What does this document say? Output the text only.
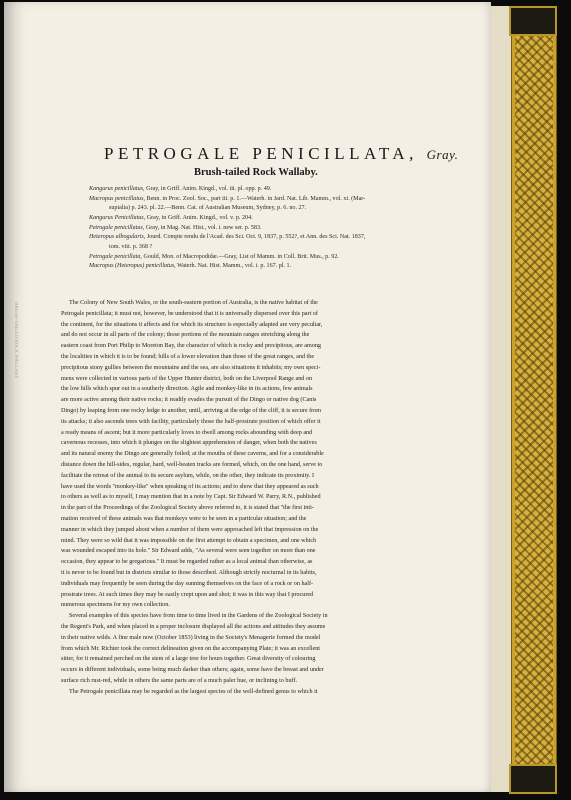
BRUSH-TAILED ROCK WALLABY
PETROGALE PENICILLATA, Gray.
Brush-tailed Rock Wallaby.
Kangurus penicillatus, Gray, in Griff. Anim. Kingd., vol. iii. pl. opp. p. 49.
Macropus penicillatus, Benn. in Proc. Zool. Soc., part iii. p. 1.—Waterh. in Jard. Nat. Lib. Mamm., vol. xi. (Mar-
supialia) p. 243. pl. 22.—Benn. Cat. of Australian Museum, Sydney, p. 6. no. 27.
Kangurus Penicillatus, Gray, in Griff. Anim. Kingd., vol. v. p. 204.
Petrogale penicillatus, Gray, in Mag. Nat. Hist., vol. i. new ser. p. 583.
Heteropus albogularis, Jourd. Compte rendu de l'Acad. des Sci. Oct. 9, 1837, p. 552?, et Ann. des Sci. Nat. 1837,
tom. viii. p. 368 ?
Petrogale penicillata, Gould, Mon. of Macropodidæ.—Gray, List of Mamm. in Coll. Brit. Mus., p. 92.
Macropus (Heteropus) penicillatus, Waterh. Nat. Hist. Mamm., vol. i. p. 167. pl. 1.
The Colony of New South Wales, or the south-eastern portion of Australia, is the native habitat of the
Petrogale penicillata; it must not, however, be understood that it is universally dispersed over this part of
the continent, for the situations it affects and for which its structure is especially adapted are very peculiar,
and do not occur in all parts of the colony; those portions of the mountain ranges stretching along the
eastern coast from Port Philip to Moreton Bay, the character of which is rocky and precipitous, are among
the localities in which it is to be found; hills of a lower elevation than those of the great ranges, and the
precipitous stony gullies between the mountains and the sea, are also situations it inhabits; my own speci-
mens were collected in various parts of the Upper Hunter district, both on the Liverpool Range and on
the low hills which spur out in a southerly direction. Agile and monkey-like in its actions, few animals
are more active among their native rocks; it readily evades the pursuit of the Dingo or native dog (Canis
Dingo) by leaping from one rocky ledge to another, until, arriving at the edge of the cliff, it is secure from
its attacks; it also ascends trees with facility, particularly those the half-prostrate position of which offer it
a ready means of ascent; but it more particularly loves to dwell among rocks abounding with deep and
cavernous recesses, into which it plunges on the slightest apprehension of danger, when both the natives
and its natural enemy the Dingo are generally foiled; at the mouths of these caverns, and for a considerable
distance down the hill-sides, regular, hard, well-beaten tracks are formed, which, on the one hand, serve to
facilitate the retreat of the animal to its secure asylum, while, on the other, they indicate its proximity. I
have used the words "monkey-like" when speaking of its actions; and to show that they appeared as such
to others as well as to myself, I may mention that in a note by Capt. Sir Edward W. Parry, R.N., published
in the part of the Proceedings of the Zoological Society above referred to, it is stated that "the first inti-
mation received of these animals was that monkeys were to be seen in a particular situation; and the
manner in which they jumped about when a number of them were approached left that impression on the
mind. They were so wild that it was impossible on the first attempt to obtain a specimen, and one which
was wounded escaped into its hole." Sir Edward adds, "As several were seen together on more than one
occasion, they appear to be gregarious." It must be regarded rather as a local animal than otherwise, as
it is never to be found but in districts similar to those described. Although strictly nocturnal in its habits,
individuals may frequently be seen during the day sunning themselves on the face of a rock or on half-
prostrate trees. At such times they may be easily crept upon and shot; it was in this way that I procured
numerous specimens for my own collection.
Several examples of this species have from time to time lived in the Gardens of the Zoological Society in
the Regent's Park, and when placed in a proper inclosure displayed all the actions and attitudes they assume
in their native wilds. A fine male now (October 1853) living in the Society's Menagerie formed the model
from which Mr. Richter took the correct delineation given on the accompanying Plate; it was an excellent
sitter, for it remained perched on the stem of a large tree for hours together. Great diversity of colouring
occurs in different individuals, some being much darker than others; again, some have the breast and under
surface rich rust-red, while in others the same parts are of a much paler hue, or inclining to buff.
The Petrogale penicillata may be regarded as the largest species of the well-defined genus to which it
